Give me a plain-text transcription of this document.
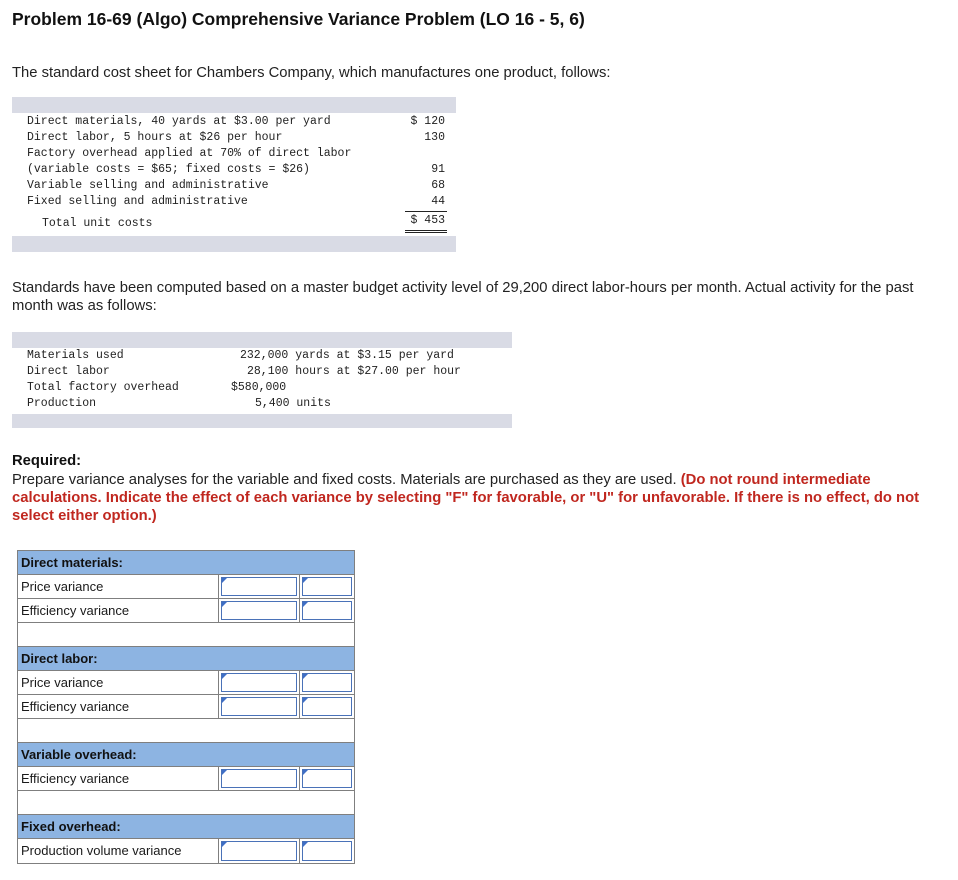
Problem 16-69 (Algo) Comprehensive Variance Problem (LO 16 - 5, 6)
The standard cost sheet for Chambers Company, which manufactures one product, follows:
Direct materials, 40 yards at $3.00 per yard
Direct labor, 5 hours at $26 per hour
Factory overhead applied at 70% of direct labor
(variable costs = $65; fixed costs = $26)
Variable selling and administrative
Fixed selling and administrative
Total unit costs
$ 120
130
91
68
44
$ 453
Standards have been computed based on a master budget activity level of 29,200 direct labor-hours per month. Actual activity for the past month was as follows:
Materials used
Direct labor
Total factory overhead
Production
232,000 yards at $3.15 per yard
28,100 hours at $27.00 per hour
$580,000
5,400 units
Required:
Prepare variance analyses for the variable and fixed costs. Materials are purchased as they are used. (Do not round intermediate calculations. Indicate the effect of each variance by selecting "F" for favorable, or "U" for unfavorable. If there is no effect, do not select either option.)
Direct materials:
Price variance
Efficiency variance
Direct labor:
Price variance
Efficiency variance
Variable overhead:
Efficiency variance
Fixed overhead:
Production volume variance
